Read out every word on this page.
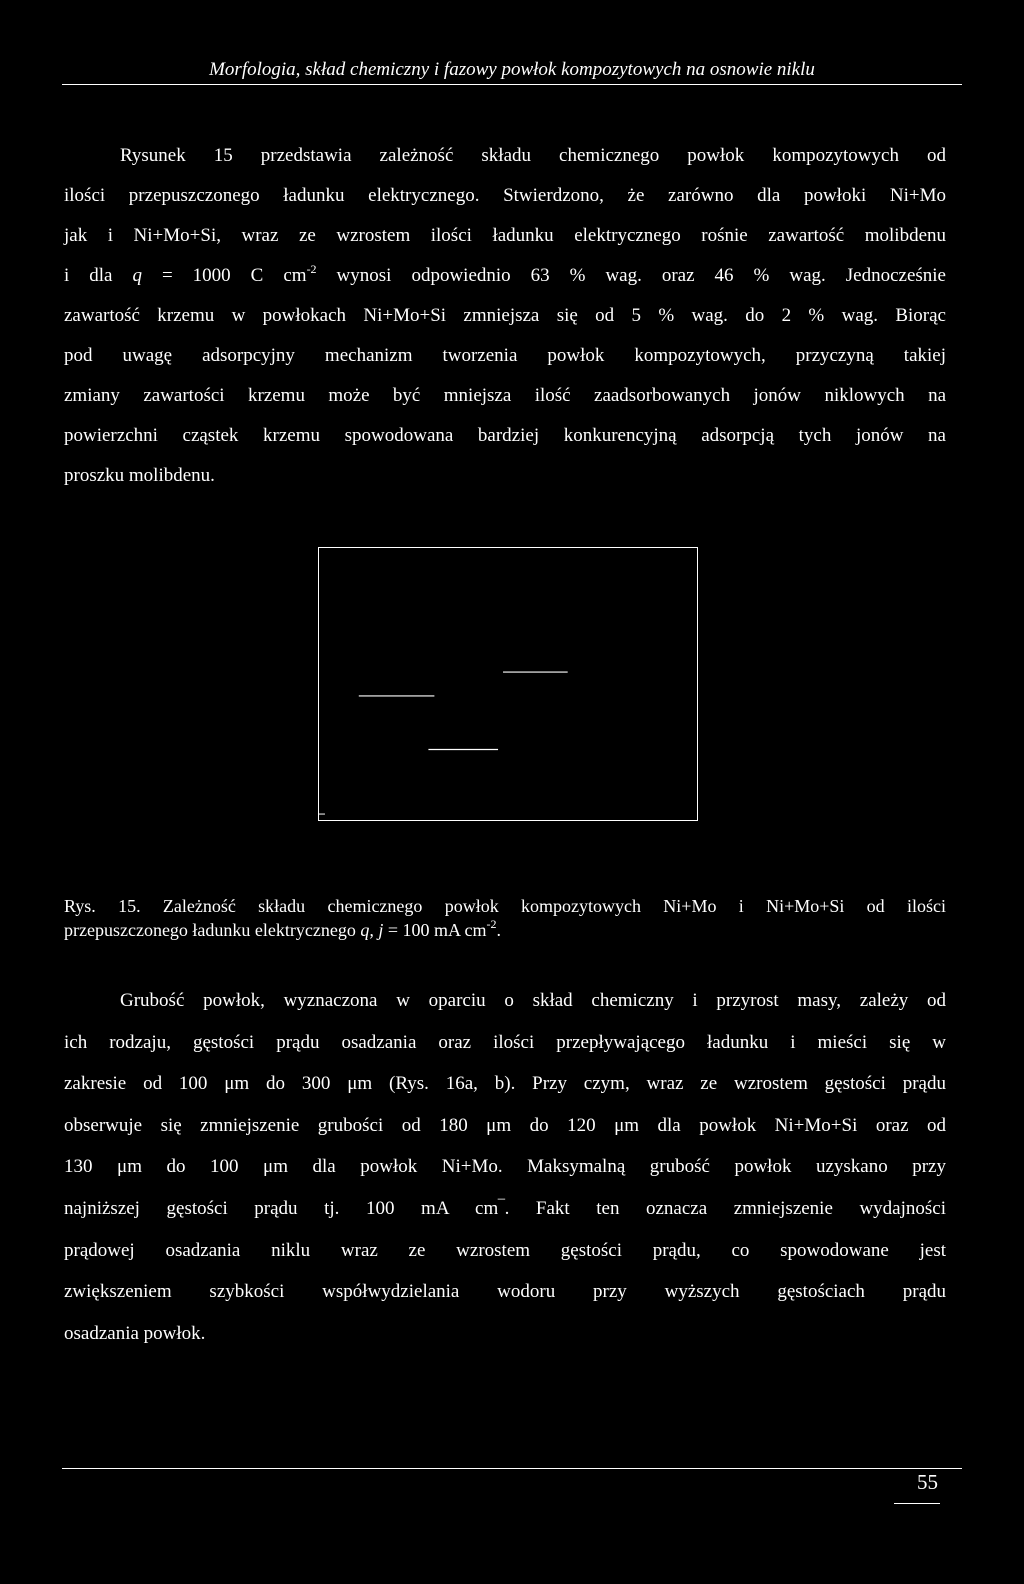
Morfologia, skład chemiczny i fazowy powłok kompozytowych na osnowie niklu
Rysunek 15 przedstawia zależność składu chemicznego powłok kompozytowych od
ilości przepuszczonego ładunku elektrycznego. Stwierdzono, że zarówno dla powłoki Ni+Mo
jak i Ni+Mo+Si, wraz ze wzrostem ilości ładunku elektrycznego rośnie zawartość molibdenu
i dla q = 1000 C $cm^{-2}$ wynosi odpowiednio 63 % wag. oraz 46 % wag. Jednocześnie
zawartość krzemu w powłokach Ni+Mo+Si zmniejsza się od 5 % wag. do 2 % wag. Biorąc
pod uwagę adsorpcyjny mechanizm tworzenia powłok kompozytowych, przyczyną takiej
zmiany zawartości krzemu może być mniejsza ilość zaadsorbowanych jonów niklowych na
powierzchni cząstek krzemu spowodowana bardziej konkurencyjną adsorpcją tych jonów na
proszku molibdenu.
Rys. 15. Zależność składu chemicznego powłok kompozytowych Ni+Mo i Ni+Mo+Si od ilości
przepuszczonego ładunku elektrycznego q, j = 100 mA $cm^{-2}$.
Grubość powłok, wyznaczona w oparciu o skład chemiczny i przyrost masy, zależy od
ich rodzaju, gęstości prądu osadzania oraz ilości przepływającego ładunku i mieści się w
zakresie od 100 μm do 300 μm (Rys. 16a, b). Przy czym, wraz ze wzrostem gęstości prądu
obserwuje się zmniejszenie grubości od 180 μm do 120 μm dla powłok Ni+Mo+Si oraz od
130 μm do 100 μm dla powłok Ni+Mo. Maksymalną grubość powłok uzyskano przy
najniższej gęstości prądu tj. 100 mA cm‾. Fakt ten oznacza zmniejszenie wydajności
prądowej osadzania niklu wraz ze wzrostem gęstości prądu, co spowodowane jest
zwiększeniem szybkości współwydzielania wodoru przy wyższych gęstościach prądu
osadzania powłok.
55
